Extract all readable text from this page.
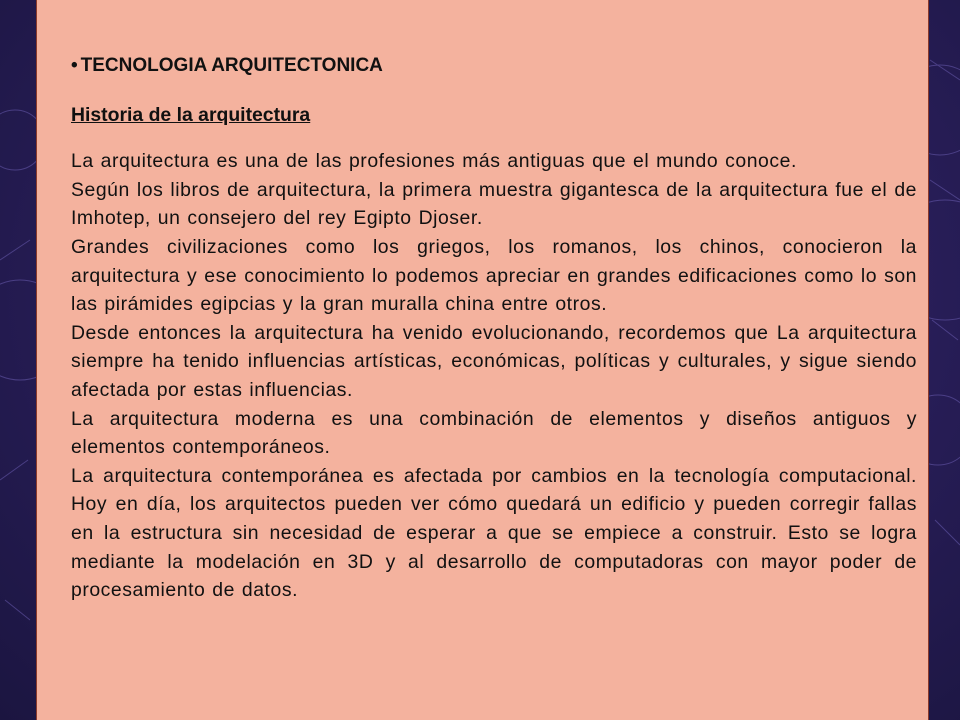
• TECNOLOGIA ARQUITECTONICA
Historia de la arquitectura

La arquitectura es una de las profesiones más antiguas que el mundo conoce.

Según los libros de arquitectura, la primera muestra gigantesca de la arquitectura fue el de Imhotep, un consejero del rey Egipto Djoser.

Grandes civilizaciones como los griegos, los romanos, los chinos, conocieron la arquitectura y ese conocimiento lo podemos apreciar en grandes edificaciones como lo son las pirámides egipcias y la gran muralla china entre otros.

Desde entonces la arquitectura ha venido evolucionando, recordemos que La arquitectura siempre ha tenido influencias artísticas, económicas, políticas y culturales, y sigue siendo afectada por estas influencias.

La arquitectura moderna es una combinación de elementos y diseños antiguos y elementos contemporáneos.

La arquitectura contemporánea es afectada por cambios en la tecnología computacional. Hoy en día, los arquitectos pueden ver cómo quedará un edificio y pueden corregir fallas en la estructura sin necesidad de esperar a que se empiece a construir. Esto se logra mediante la modelación en 3D y al desarrollo de computadoras con mayor poder de procesamiento de datos.
